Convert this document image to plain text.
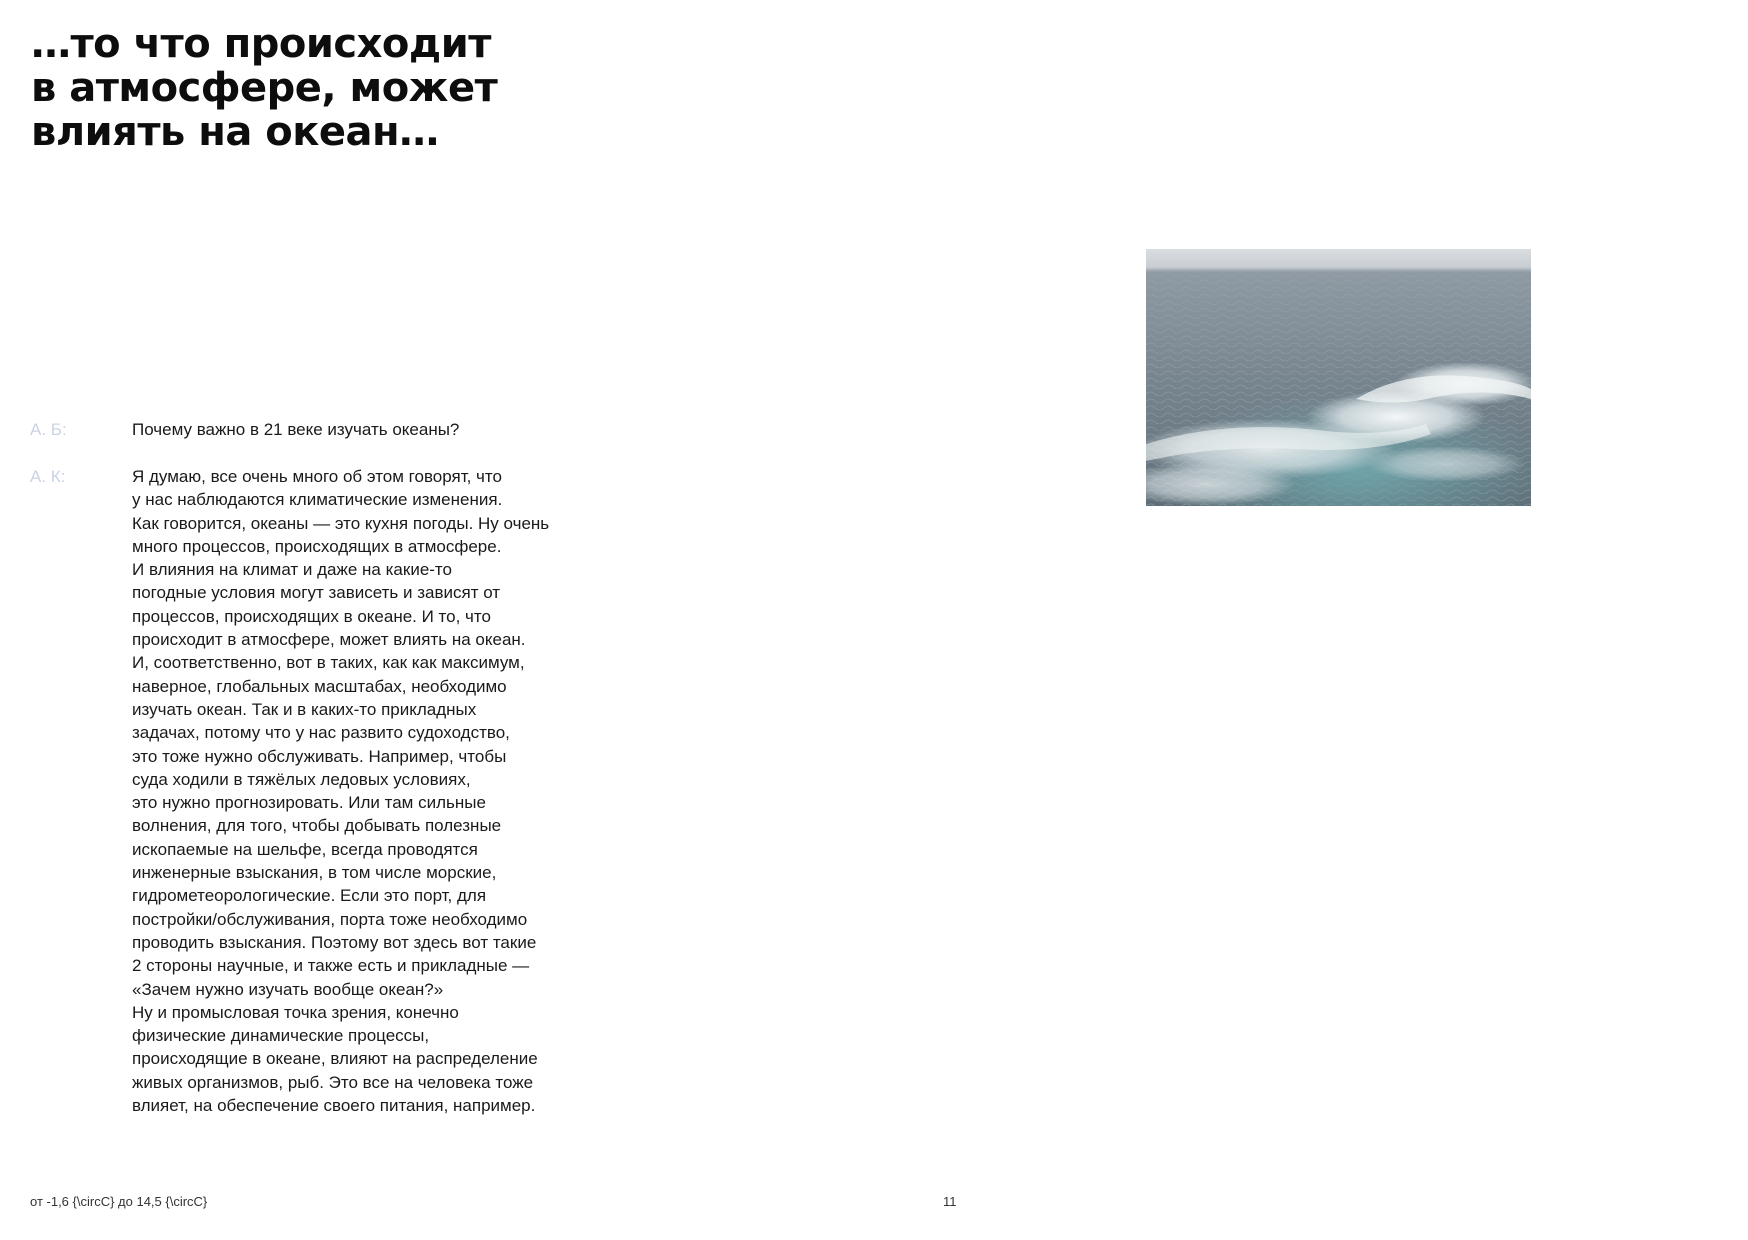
…то что происходит
в атмосфере, может
влиять на океан…
А. Б:	Почему важно в 21 веке изучать океаны?
А. К:	Я думаю, все очень много об этом говорят, что
у нас наблюдаются климатические изменения.
Как говорится, океаны — это кухня погоды. Ну очень
много процессов, происходящих в атмосфере.
И влияния на климат и даже на какие-то
погодные условия могут зависеть и зависят от
процессов, происходящих в океане. И то, что
происходит в атмосфере, может влиять на океан.
И, соответственно, вот в таких, как как максимум,
наверное, глобальных масштабах, необходимо
изучать океан. Так и в каких-то прикладных
задачах, потому что у нас развито судоходство,
это тоже нужно обслуживать. Например, чтобы
суда ходили в тяжёлых ледовых условиях,
это нужно прогнозировать. Или там сильные
волнения, для того, чтобы добывать полезные
ископаемые на шельфе, всегда проводятся
инженерные взыскания, в том числе морские,
гидрометеорологические. Если это порт, для
постройки/обслуживания, порта тоже необходимо
проводить взыскания. Поэтому вот здесь вот такие
2 стороны научные, и также есть и прикладные —
«Зачем нужно изучать вообще океан?»
Ну и промысловая точка зрения, конечно
физические динамические процессы,
происходящие в океане, влияют на распределение
живых организмов, рыб. Это все на человека тоже
влияет, на обеспечение своего питания, например.
от -1,6 {\circC} до 14,5 {\circC}	11
